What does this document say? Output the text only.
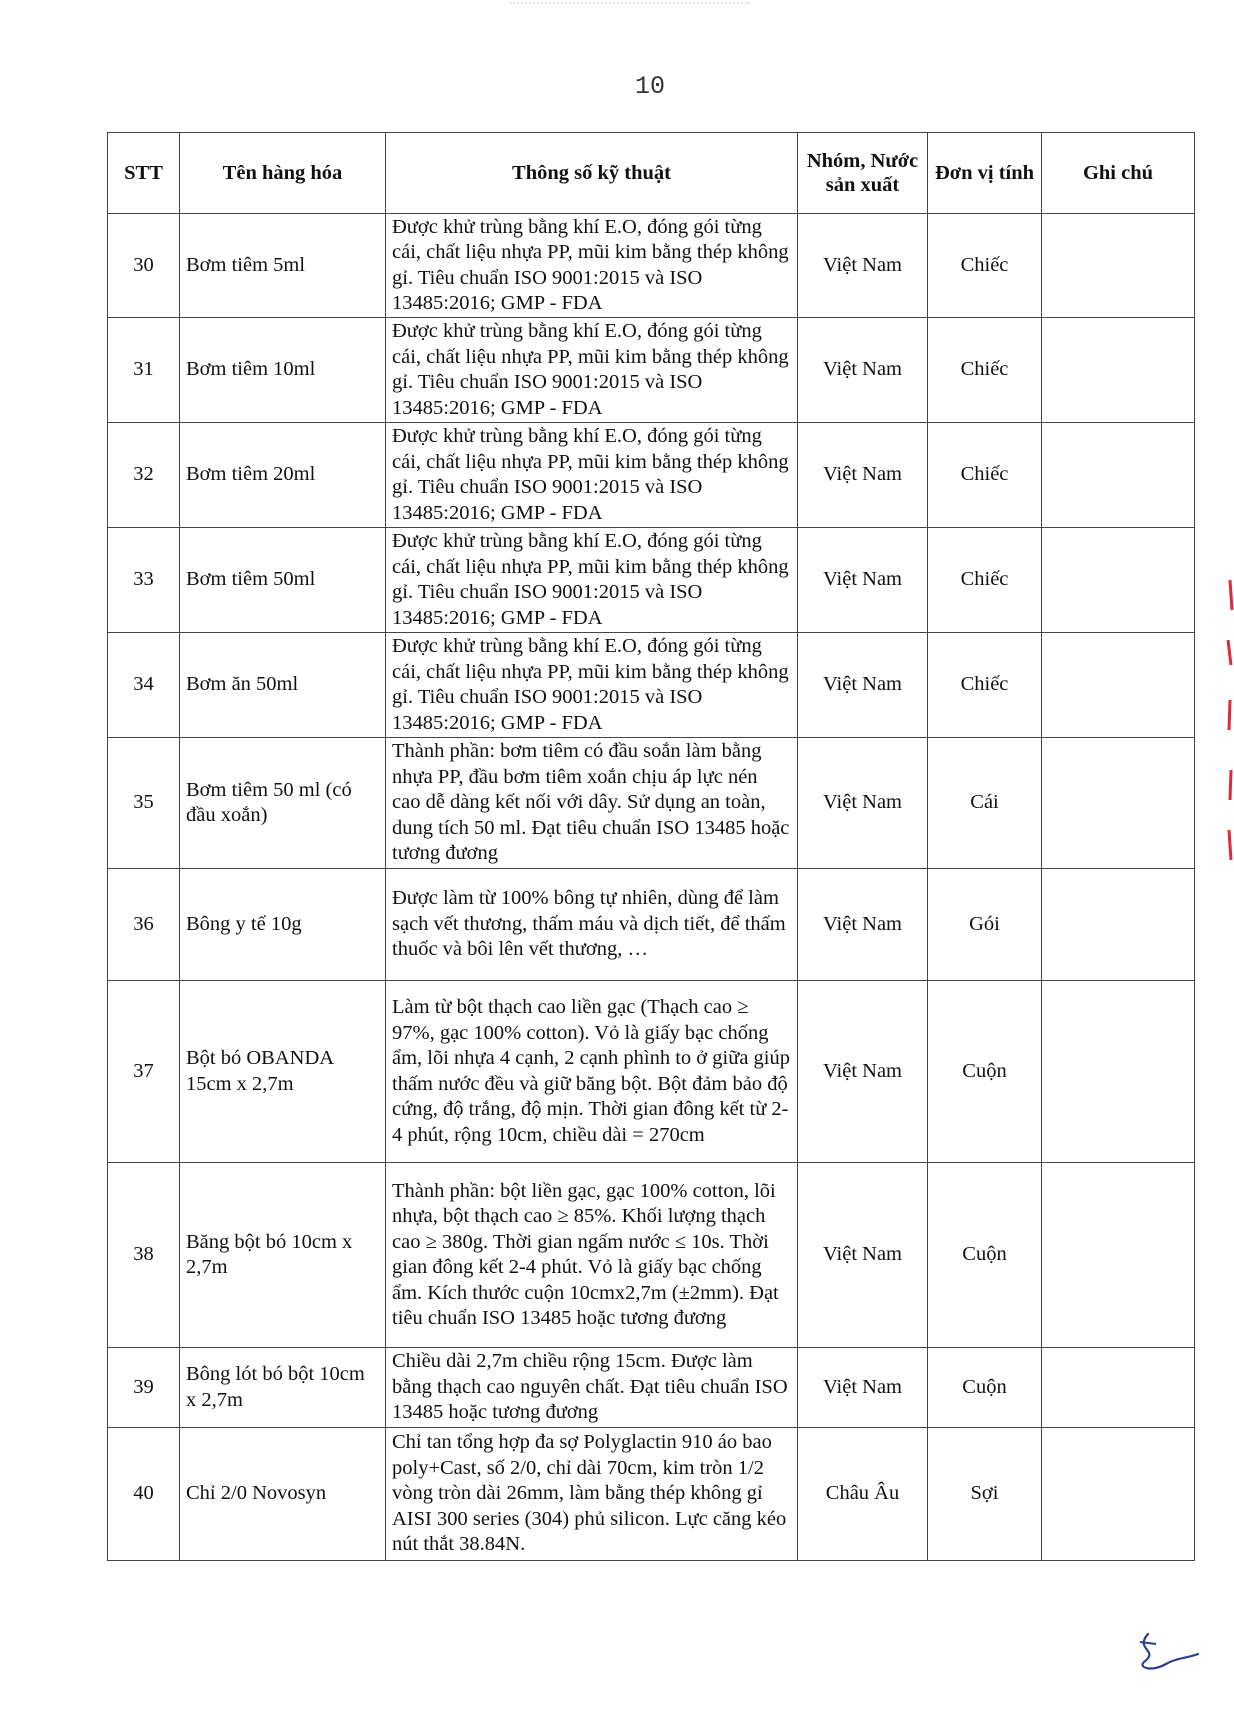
10
STT	Tên hàng hóa	Thông số kỹ thuật	Nhóm, Nước sản xuất	Đơn vị tính	Ghi chú
30	Bơm tiêm 5ml	Được khử trùng bằng khí E.O, đóng gói từng cái, chất liệu nhựa PP, mũi kim bằng thép không gỉ. Tiêu chuẩn ISO 9001:2015 và ISO 13485:2016; GMP - FDA	Việt Nam	Chiếc	
31	Bơm tiêm 10ml	Được khử trùng bằng khí E.O, đóng gói từng cái, chất liệu nhựa PP, mũi kim bằng thép không gỉ. Tiêu chuẩn ISO 9001:2015 và ISO 13485:2016; GMP - FDA	Việt Nam	Chiếc	
32	Bơm tiêm 20ml	Được khử trùng bằng khí E.O, đóng gói từng cái, chất liệu nhựa PP, mũi kim bằng thép không gỉ. Tiêu chuẩn ISO 9001:2015 và ISO 13485:2016; GMP - FDA	Việt Nam	Chiếc	
33	Bơm tiêm 50ml	Được khử trùng bằng khí E.O, đóng gói từng cái, chất liệu nhựa PP, mũi kim bằng thép không gỉ. Tiêu chuẩn ISO 9001:2015 và ISO 13485:2016; GMP - FDA	Việt Nam	Chiếc	
34	Bơm ăn 50ml	Được khử trùng bằng khí E.O, đóng gói từng cái, chất liệu nhựa PP, mũi kim bằng thép không gỉ. Tiêu chuẩn ISO 9001:2015 và ISO 13485:2016; GMP - FDA	Việt Nam	Chiếc	
35	Bơm tiêm 50 ml (có đầu xoắn)	Thành phần: bơm tiêm có đầu soắn làm bằng nhựa PP, đầu bơm tiêm xoắn chịu áp lực nén cao dễ dàng kết nối với dây. Sử dụng an toàn, dung tích 50 ml. Đạt tiêu chuẩn ISO 13485 hoặc tương đương	Việt Nam	Cái	
36	Bông y tế 10g	Được làm từ 100% bông tự nhiên, dùng để làm sạch vết thương, thấm máu và dịch tiết, để thấm thuốc và bôi lên vết thương, …	Việt Nam	Gói	
37	Bột bó OBANDA 15cm x 2,7m	Làm từ bột thạch cao liền gạc (Thạch cao ≥ 97%, gạc 100% cotton). Vỏ là giấy bạc chống ẩm, lõi nhựa 4 cạnh, 2 cạnh phình to ở giữa giúp thấm nước đều và giữ băng bột. Bột đảm bảo độ cứng, độ trắng, độ mịn. Thời gian đông kết từ 2-4 phút, rộng 10cm, chiều dài = 270cm	Việt Nam	Cuộn	
38	Băng bột bó 10cm x 2,7m	Thành phần: bột liền gạc, gạc 100% cotton, lõi nhựa, bột thạch cao ≥ 85%. Khối lượng thạch cao ≥ 380g. Thời gian ngấm nước ≤ 10s. Thời gian đông kết 2-4 phút. Vỏ là giấy bạc chống ẩm. Kích thước cuộn 10cmx2,7m (±2mm). Đạt tiêu chuẩn ISO 13485 hoặc tương đương	Việt Nam	Cuộn	
39	Bông lót bó bột 10cm x 2,7m	Chiều dài 2,7m chiều rộng 15cm. Được làm bằng thạch cao nguyên chất. Đạt tiêu chuẩn ISO 13485 hoặc tương đương	Việt Nam	Cuộn	
40	Chỉ 2/0 Novosyn	Chỉ tan tổng hợp đa sợ Polyglactin 910 áo bao poly+Cast, số 2/0, chỉ dài 70cm, kim tròn 1/2 vòng tròn dài 26mm, làm bằng thép không gỉ AISI 300 series (304) phủ silicon. Lực căng kéo nút thắt 38.84N.	Châu Âu	Sợi	
